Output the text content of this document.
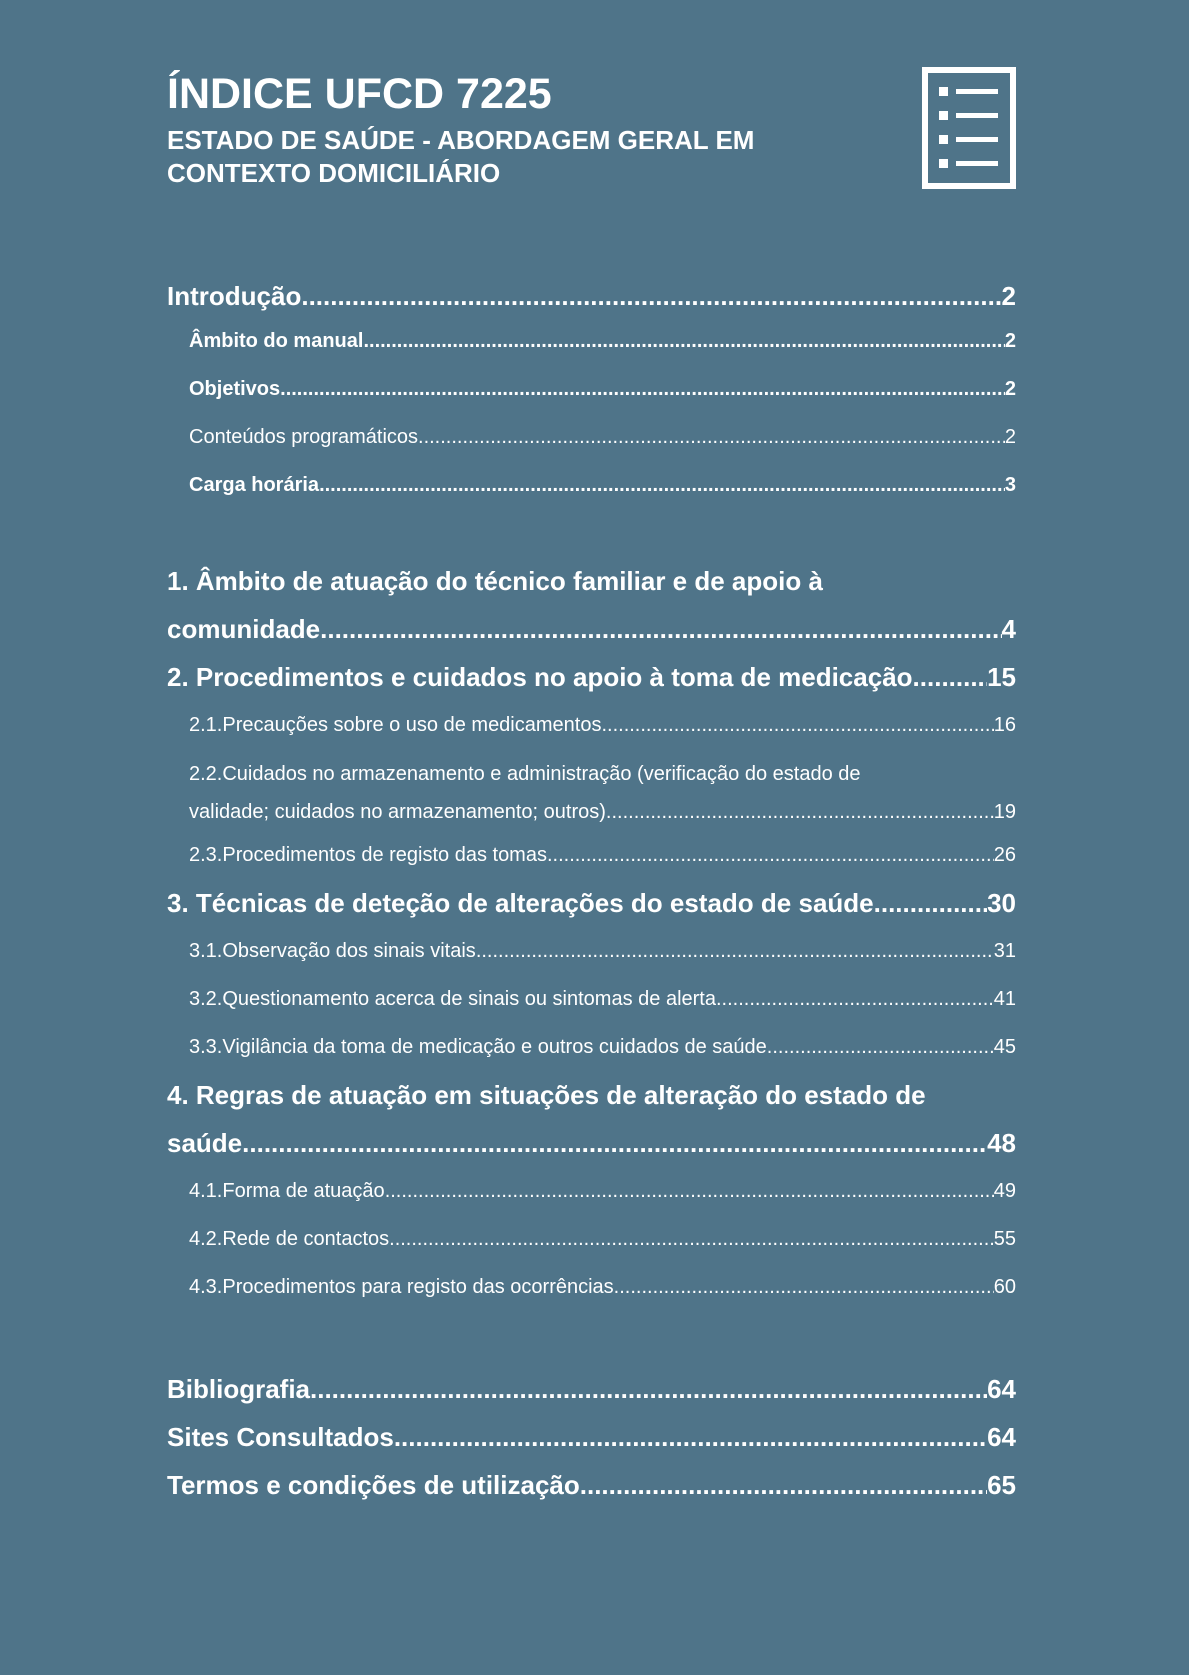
ÍNDICE UFCD 7225
ESTADO DE SAÚDE - ABORDAGEM GERAL EM
CONTEXTO DOMICILIÁRIO
Introdução .....	2
Âmbito do manual .....	2
Objetivos .....	2
Conteúdos programáticos .....	2
Carga horária .....	3
1. Âmbito de atuação do técnico familiar e de apoio à
comunidade .....	4
2. Procedimentos e cuidados no apoio à toma de medicação .....	15
2.1.Precauções sobre o uso de medicamentos .....	16
2.2.Cuidados no armazenamento e administração (verificação do estado de
validade; cuidados no armazenamento; outros) .....	19
2.3.Procedimentos de registo das tomas .....	26
3. Técnicas de deteção de alterações do estado de saúde .....	30
3.1.Observação dos sinais vitais .....	31
3.2.Questionamento acerca de sinais ou sintomas de alerta .....	41
3.3.Vigilância da toma de medicação e outros cuidados de saúde .....	45
4. Regras de atuação em situações de alteração do estado de
saúde .....	48
4.1.Forma de atuação .....	49
4.2.Rede de contactos .....	55
4.3.Procedimentos para registo das ocorrências .....	60
Bibliografia .....	64
Sites Consultados .....	64
Termos e condições de utilização .....	65
